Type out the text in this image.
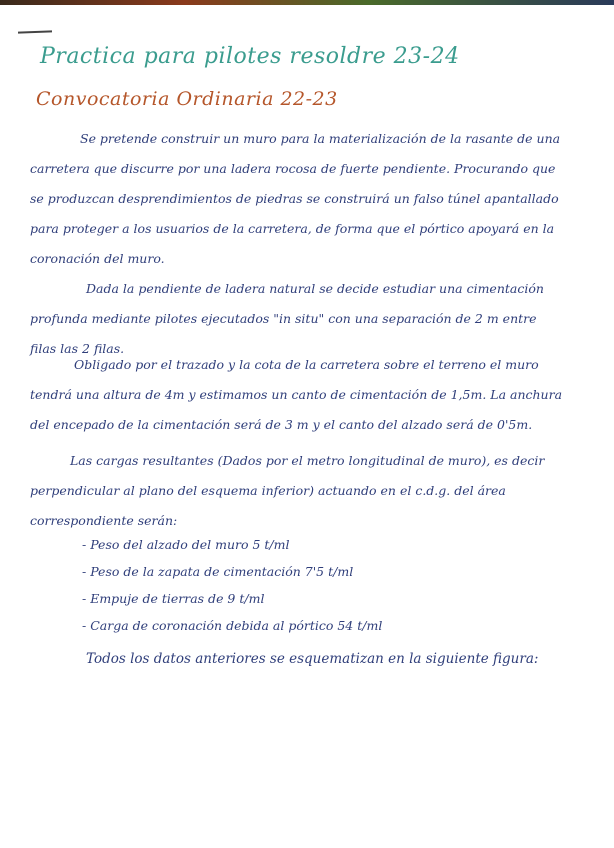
Practica para pilotes resoldre 23-24
Convocatoria Ordinaria 22-23

Se pretende construir un muro para la materialización de la rasante de una carretera que discurre por una ladera rocosa de fuerte pendiente. Procurando que se produzcan desprendimientos de piedras se construirá un falso túnel apantallado para proteger a los usuarios de la carretera, de forma que el pórtico apoyará en la coronación del muro.

Dada la pendiente de ladera natural se decide estudiar una cimentación profunda mediante pilotes ejecutados "in situ" con una separación de 2 m entre filas las 2 filas.

Obligado por el trazado y la cota de la carretera sobre el terreno el muro tendrá una altura de 4m y estimamos un canto de cimentación de 1,5m. La anchura del encepado de la cimentación será de 3 m y el canto del alzado será de 0'5m.

Las cargas resultantes (Dados por el metro longitudinal de muro), es decir perpendicular al plano del esquema inferior) actuando en el c.d.g. del área correspondiente serán:

- Peso del alzado del muro 5 t/ml
- Peso de la zapata de cimentación 7'5 t/ml
- Empuje de tierras de 9 t/ml
- Carga de coronación debida al pórtico 54 t/ml

Todos los datos anteriores se esquematizan en la siguiente figura:
